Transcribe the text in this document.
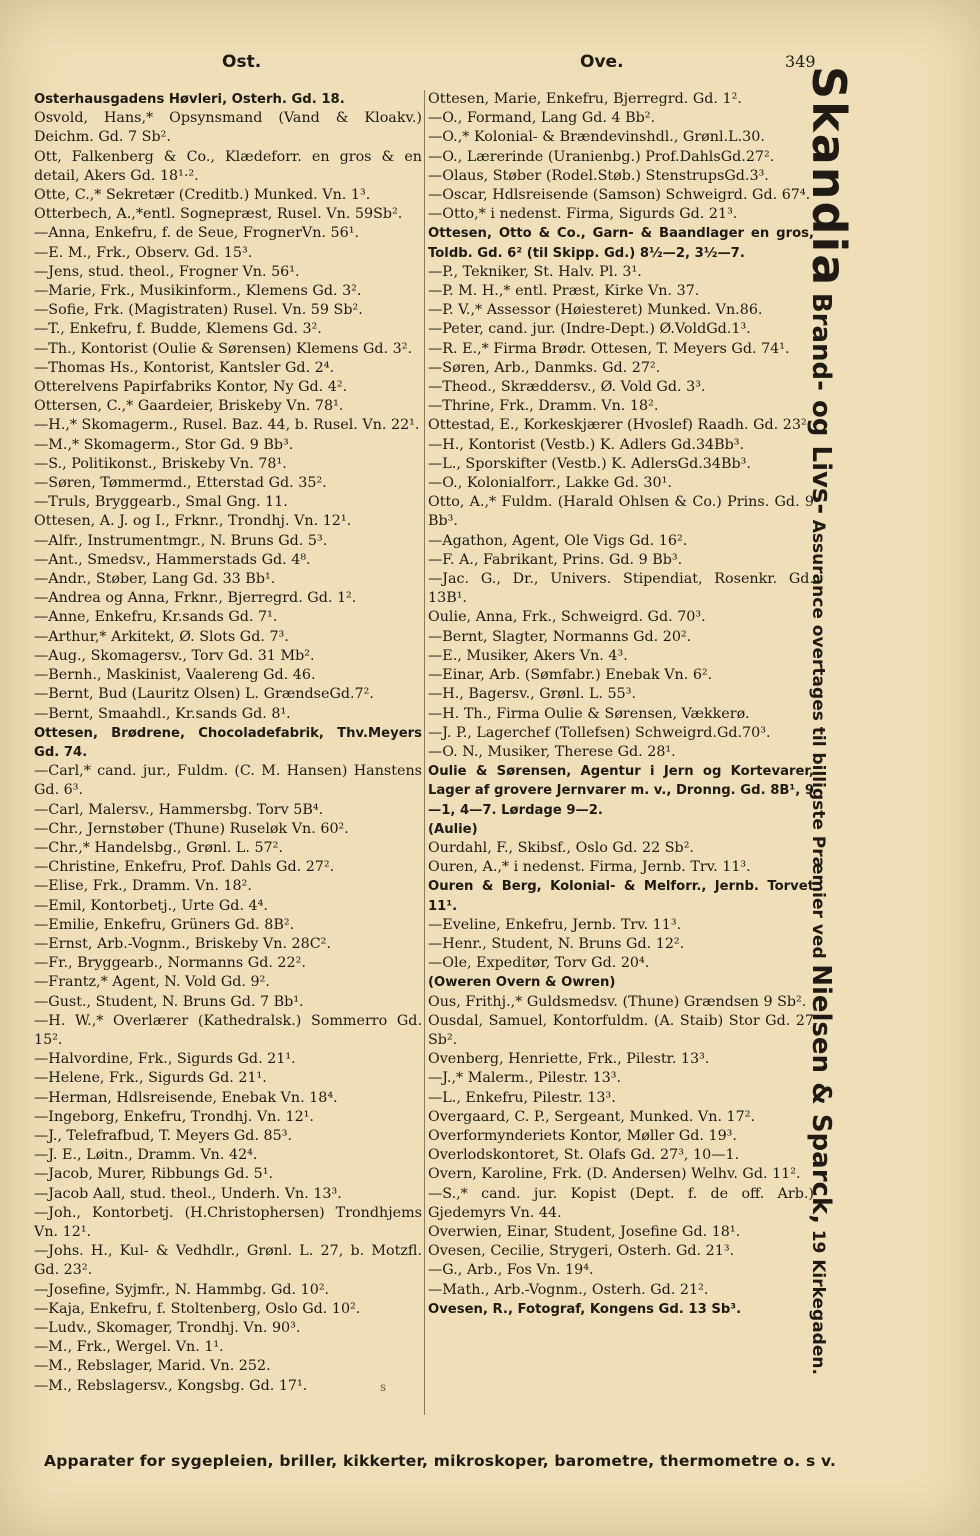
Ost.	Ove.	349
Osterhausgadens Høvleri, Osterh. Gd. 18.
Osvold, Hans,* Opsynsmand (Vand & Kloakv.) Deichm. Gd. 7 Sb².
Ott, Falkenberg & Co., Klædeforr. en gros & en detail, Akers Gd. 18¹·².
Otte, C.,* Sekretær (Creditb.) Munked. Vn. 1³.
Otterbech, A.,*entl. Sognepræst, Rusel. Vn. 59Sb².
—Anna, Enkefru, f. de Seue, FrognerVn. 56¹.
—E. M., Frk., Observ. Gd. 15³.
—Jens, stud. theol., Frogner Vn. 56¹.
—Marie, Frk., Musikinform., Klemens Gd. 3².
—Sofie, Frk. (Magistraten) Rusel. Vn. 59 Sb².
—T., Enkefru, f. Budde, Klemens Gd. 3².
—Th., Kontorist (Oulie & Sørensen) Klemens Gd. 3².
—Thomas Hs., Kontorist, Kantsler Gd. 2⁴.
Otterelvens Papirfabriks Kontor, Ny Gd. 4².
Ottersen, C.,* Gaardeier, Briskeby Vn. 78¹.
—H.,* Skomagerm., Rusel. Baz. 44, b. Rusel. Vn. 22¹.
—M.,* Skomagerm., Stor Gd. 9 Bb³.
—S., Politikonst., Briskeby Vn. 78¹.
—Søren, Tømmermd., Etterstad Gd. 35².
—Truls, Bryggearb., Smal Gng. 11.
Ottesen, A. J. og I., Frknr., Trondhj. Vn. 12¹.
—Alfr., Instrumentmgr., N. Bruns Gd. 5³.
—Ant., Smedsv., Hammerstads Gd. 4⁸.
—Andr., Støber, Lang Gd. 33 Bb¹.
—Andrea og Anna, Frknr., Bjerregrd. Gd. 1².
—Anne, Enkefru, Kr.sands Gd. 7¹.
—Arthur,* Arkitekt, Ø. Slots Gd. 7³.
—Aug., Skomagersv., Torv Gd. 31 Mb².
—Bernh., Maskinist, Vaalereng Gd. 46.
—Bernt, Bud (Lauritz Olsen) L. GrændseGd.7².
—Bernt, Smaahdl., Kr.sands Gd. 8¹.
Ottesen, Brødrene, Chocoladefabrik, Thv.Meyers Gd. 74.
—Carl,* cand. jur., Fuldm. (C. M. Hansen) Hanstens Gd. 6³.
—Carl, Malersv., Hammersbg. Torv 5B⁴.
—Chr., Jernstøber (Thune) Ruseløk Vn. 60².
—Chr.,* Handelsbg., Grønl. L. 57².
—Christine, Enkefru, Prof. Dahls Gd. 27².
—Elise, Frk., Dramm. Vn. 18².
—Emil, Kontorbetj., Urte Gd. 4⁴.
—Emilie, Enkefru, Grüners Gd. 8B².
—Ernst, Arb.-Vognm., Briskeby Vn. 28C².
—Fr., Bryggearb., Normanns Gd. 22².
—Frantz,* Agent, N. Vold Gd. 9².
—Gust., Student, N. Bruns Gd. 7 Bb¹.
—H. W.,* Overlærer (Kathedralsk.) Sommerro Gd. 15².
—Halvordine, Frk., Sigurds Gd. 21¹.
—Helene, Frk., Sigurds Gd. 21¹.
—Herman, Hdlsreisende, Enebak Vn. 18⁴.
—Ingeborg, Enkefru, Trondhj. Vn. 12¹.
—J., Telefrafbud, T. Meyers Gd. 85³.
—J. E., Løitn., Dramm. Vn. 42⁴.
—Jacob, Murer, Ribbungs Gd. 5¹.
—Jacob Aall, stud. theol., Underh. Vn. 13³.
—Joh., Kontorbetj. (H.Christophersen) Trondhjems Vn. 12¹.
—Johs. H., Kul- & Vedhdlr., Grønl. L. 27, b. Motzfl. Gd. 23².
—Josefine, Syjmfr., N. Hammbg. Gd. 10².
—Kaja, Enkefru, f. Stoltenberg, Oslo Gd. 10².
—Ludv., Skomager, Trondhj. Vn. 90³.
—M., Frk., Wergel. Vn. 1¹.
—M., Rebslager, Marid. Vn. 252.
—M., Rebslagersv., Kongsbg. Gd. 17¹.
Ottesen, Marie, Enkefru, Bjerregrd. Gd. 1².
—O., Formand, Lang Gd. 4 Bb².
—O.,* Kolonial- & Brændevinshdl., Grønl.L.30.
—O., Lærerinde (Uranienbg.) Prof.DahlsGd.27².
—Olaus, Støber (Rodel.Støb.) StenstrupsGd.3³.
—Oscar, Hdlsreisende (Samson) Schweigrd. Gd. 67⁴.
—Otto,* i nedenst. Firma, Sigurds Gd. 21³.
Ottesen, Otto & Co., Garn- & Baandlager en gros, Toldb. Gd. 6² (til Skipp. Gd.) 8½—2, 3½—7.
—P., Tekniker, St. Halv. Pl. 3¹.
—P. M. H.,* entl. Præst, Kirke Vn. 37.
—P. V.,* Assessor (Høiesteret) Munked. Vn.86.
—Peter, cand. jur. (Indre-Dept.) Ø.VoldGd.1³.
—R. E.,* Firma Brødr. Ottesen, T. Meyers Gd. 74¹.
—Søren, Arb., Danmks. Gd. 27².
—Theod., Skræddersv., Ø. Vold Gd. 3³.
—Thrine, Frk., Dramm. Vn. 18².
Ottestad, E., Korkeskjærer (Hvoslef) Raadh. Gd. 23².
—H., Kontorist (Vestb.) K. Adlers Gd.34Bb³.
—L., Sporskifter (Vestb.) K. AdlersGd.34Bb³.
—O., Kolonialforr., Lakke Gd. 30¹.
Otto, A.,* Fuldm. (Harald Ohlsen & Co.) Prins. Gd. 9 Bb³.
—Agathon, Agent, Ole Vigs Gd. 16².
—F. A., Fabrikant, Prins. Gd. 9 Bb³.
—Jac. G., Dr., Univers. Stipendiat, Rosenkr. Gd. 13B¹.
Oulie, Anna, Frk., Schweigrd. Gd. 70³.
—Bernt, Slagter, Normanns Gd. 20².
—E., Musiker, Akers Vn. 4³.
—Einar, Arb. (Sømfabr.) Enebak Vn. 6².
—H., Bagersv., Grønl. L. 55³.
—H. Th., Firma Oulie & Sørensen, Vækkerø.
—J. P., Lagerchef (Tollefsen) Schweigrd.Gd.70³.
—O. N., Musiker, Therese Gd. 28¹.
Oulie & Sørensen, Agentur i Jern og Kortevarer, Lager af grovere Jernvarer m. v., Dronng. Gd. 8B¹, 9—1, 4—7. Lørdage 9—2.
(Aulie)
Ourdahl, F., Skibsf., Oslo Gd. 22 Sb².
Ouren, A.,* i nedenst. Firma, Jernb. Trv. 11³.
Ouren & Berg, Kolonial- & Melforr., Jernb. Torvet 11¹.
—Eveline, Enkefru, Jernb. Trv. 11³.
—Henr., Student, N. Bruns Gd. 12².
—Ole, Expeditør, Torv Gd. 20⁴.
(Oweren Overn & Owren)
Ous, Frithj.,* Guldsmedsv. (Thune) Grændsen 9 Sb².
Ousdal, Samuel, Kontorfuldm. (A. Staib) Stor Gd. 27 Sb².
Ovenberg, Henriette, Frk., Pilestr. 13³.
—J.,* Malerm., Pilestr. 13³.
—L., Enkefru, Pilestr. 13³.
Overgaard, C. P., Sergeant, Munked. Vn. 17².
Overformynderiets Kontor, Møller Gd. 19³.
Overlodskontoret, St. Olafs Gd. 27³, 10—1.
Overn, Karoline, Frk. (D. Andersen) Welhv. Gd. 11².
—S.,* cand. jur. Kopist (Dept. f. de off. Arb.) Gjedemyrs Vn. 44.
Overwien, Einar, Student, Josefine Gd. 18¹.
Ovesen, Cecilie, Strygeri, Osterh. Gd. 21³.
—G., Arb., Fos Vn. 19⁴.
—Math., Arb.-Vognm., Osterh. Gd. 21².
Ovesen, R., Fotograf, Kongens Gd. 13 Sb³.
Skandia Brand- og Livs- Assurance overtages til billigste Præmier ved Nielsen & Sparck, 19 Kirkegaden.
s
Apparater for sygepleien, briller, kikkerter, mikroskoper, barometre, thermometre o. s v.
